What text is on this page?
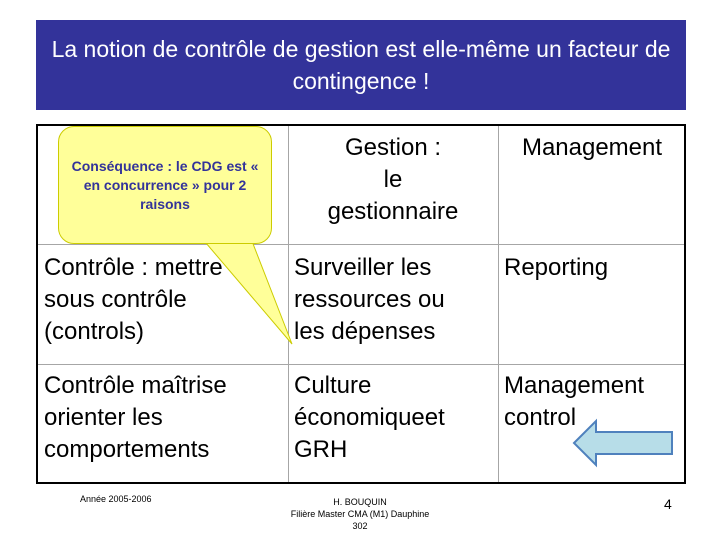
La notion de contrôle de gestion est elle-même un facteur de contingence !
Gestion :
le
gestionnaire
Management
Contrôle : mettre
sous contrôle
(controls)
Surveiller les
ressources ou
les dépenses
Reporting
Contrôle maîtrise
orienter les
comportements
Culture
économiqueet
GRH
Management
control
Conséquence : le CDG est « en concurrence » pour 2 raisons
Année 2005-2006	H. BOUQUIN
Filière Master CMA (M1) Dauphine
302
4
